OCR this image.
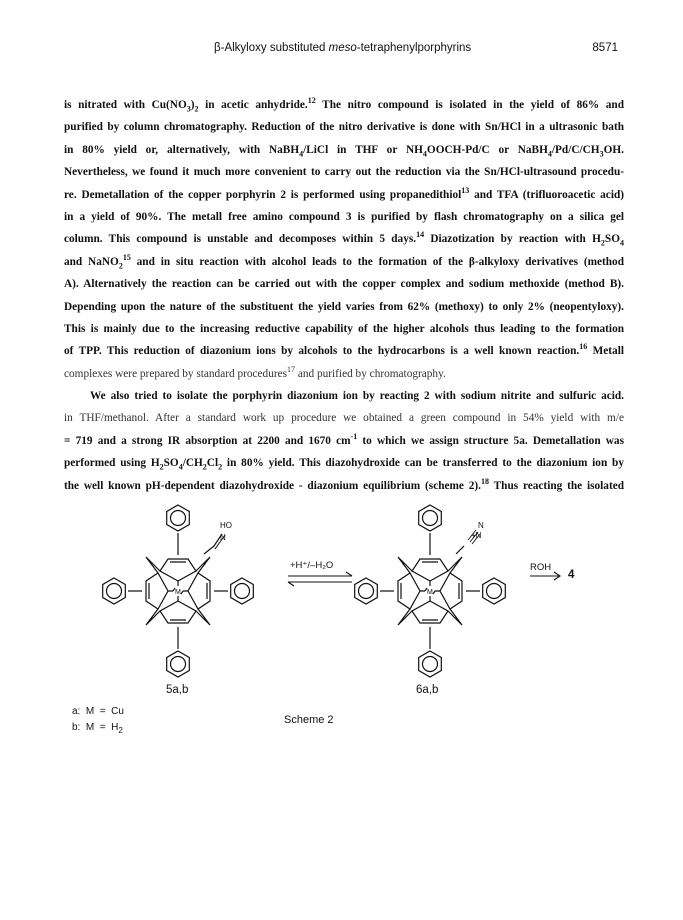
β-Alkyloxy substituted meso-tetraphenylporphyrins	8571
is nitrated with $Cu(NO_3)_2$ in acetic anhydride.$^{12}$ The nitro compound is isolated in the yield of 86% and
purified by column chromatography. Reduction of the nitro derivative is done with Sn/HCl in a ultrasonic bath
in 80% yield or, alternatively, with NaBH$_4$/LiCl in THF or $NH_4OOCH-Pd/C$ or $NaBH_4/Pd/C/CH_3OH$.
Nevertheless, we found it much more convenient to carry out the reduction via the Sn/HCl-ultrasound procedu-
re. Demetallation of the copper porphyrin 2 is performed using propanedithiol$^{13}$ and TFA (trifluoroacetic acid)
in a yield of 90%. The metall free amino compound 3 is purified by flash chromatography on a silica gel
column. This compound is unstable and decomposes within 5 days.$^{14}$ Diazotization by reaction with $H_2SO_4$
and NaNO$_2^{15}$ and in situ reaction with alcohol leads to the formation of the β-alkyloxy derivatives (method
A). Alternatively the reaction can be carried out with the copper complex and sodium methoxide (method B).
Depending upon the nature of the substituent the yield varies from 62% (methoxy) to only 2% (neopentyloxy).
This is mainly due to the increasing reductive capability of the higher alcohols thus leading to the formation
of TPP. This reduction of diazonium ions by alcohols to the hydrocarbons is a well known reaction.$^{16}$ Metall
complexes were prepared by standard procedures$^{17}$ and purified by chromatography.
We also tried to isolate the porphyrin diazonium ion by reacting 2 with sodium nitrite and sulfuric acid.
in THF/methanol. After a standard work up procedure we obtained a green compound in 54% yield with m/e
= 719 and a strong IR absorption at 2200 and 1670 $cm^{-1}$ to which we assign structure 5a. Demetallation was
performed using $H_2SO_4/CH_2Cl_2$ in 80% yield. This diazohydroxide can be transferred to the diazonium ion by
the well known pH-dependent diazohydroxide - diazonium equilibrium (scheme 2).$^{18}$ Thus reacting the isolated
M	M
HO
N	+N
N
+H⁺/–H₂O	ROH
4
5a,b	6a,b
a:  M  =  Cu
b:  $M = H_2$
Scheme 2
